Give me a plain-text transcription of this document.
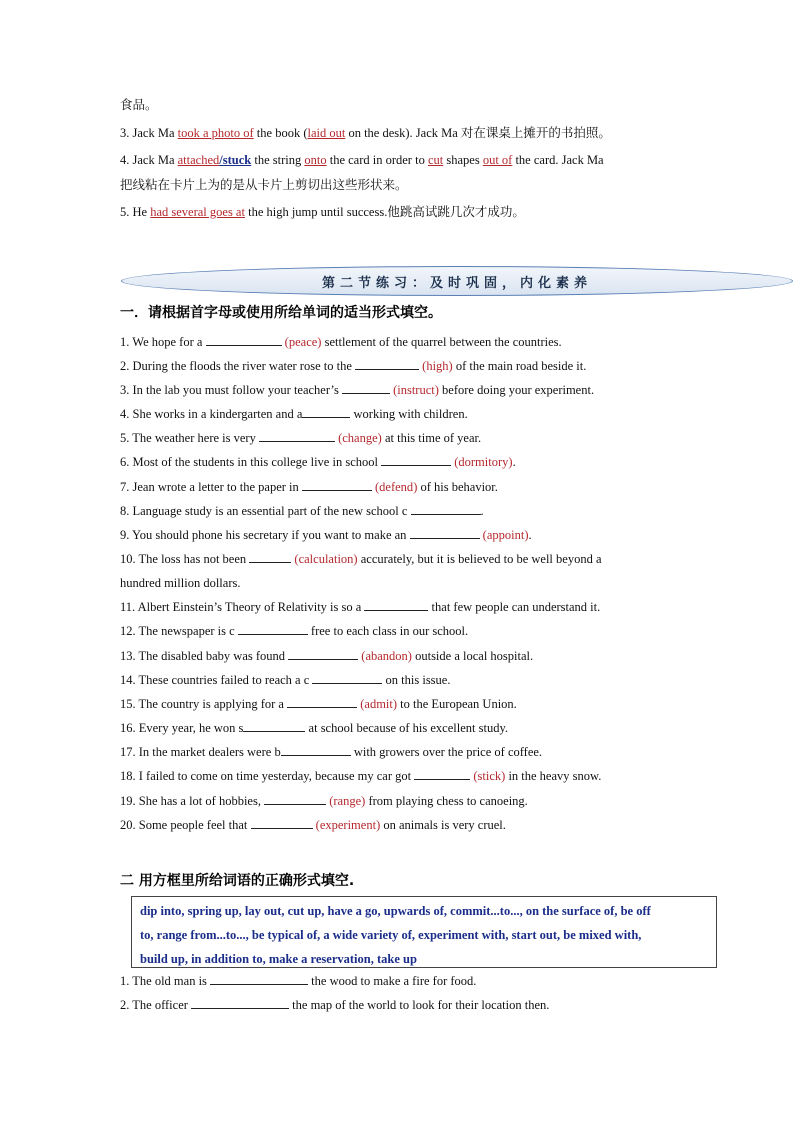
食品。
3. Jack Ma took a photo of the book (laid out on the desk). Jack Ma 对在课桌上摊开的书拍照。
4. Jack Ma attached/stuck the string onto the card in order to cut shapes out of the card. Jack Ma
把线粘在卡片上为的是从卡片上剪切出这些形状来。
5. He had several goes at the high jump until success.他跳高试跳几次才成功。
第二节练习：及时巩固，内化素养
一．请根据首字母或使用所给单词的适当形式填空。
1. We hope for a	(peace) settlement of the quarrel between the countries.
2. During the floods the river water rose to the	(high) of the main road beside it.
3. In the lab you must follow your teacher’s	(instruct) before doing your experiment.
4. She works in a kindergarten and a	working with children.
5. The weather here is very	(change) at this time of year.
6. Most of the students in this college live in school	(dormitory).
7. Jean wrote a letter to the paper in	(defend) of his behavior.
8. Language study is an essential part of the new school c	.
9. You should phone his secretary if you want to make an	(appoint).
10. The loss has not been	(calculation) accurately, but it is believed to be well beyond a
hundred million dollars.
11. Albert Einstein’s Theory of Relativity is so a	that few people can understand it.
12. The newspaper is c	free to each class in our school.
13. The disabled baby was found	(abandon) outside a local hospital.
14. These countries failed to reach a c	on this issue.
15. The country is applying for a	(admit) to the European Union.
16. Every year, he won s	at school because of his excellent study.
17. In the market dealers were b	with growers over the price of coffee.
18. I failed to come on time yesterday, because my car got	(stick) in the heavy snow.
19. She has a lot of hobbies,	(range) from playing chess to canoeing.
20. Some people feel that	(experiment) on animals is very cruel.
二 用方框里所给词语的正确形式填空.
dip into, spring up, lay out, cut up, have a go, upwards of, commit...to..., on the surface of, be off
to, range from...to..., be typical of, a wide variety of, experiment with, start out, be mixed with,
build up, in addition to, make a reservation, take up
1. The old man is	the wood to make a fire for food.
2. The officer	the map of the world to look for their location then.
